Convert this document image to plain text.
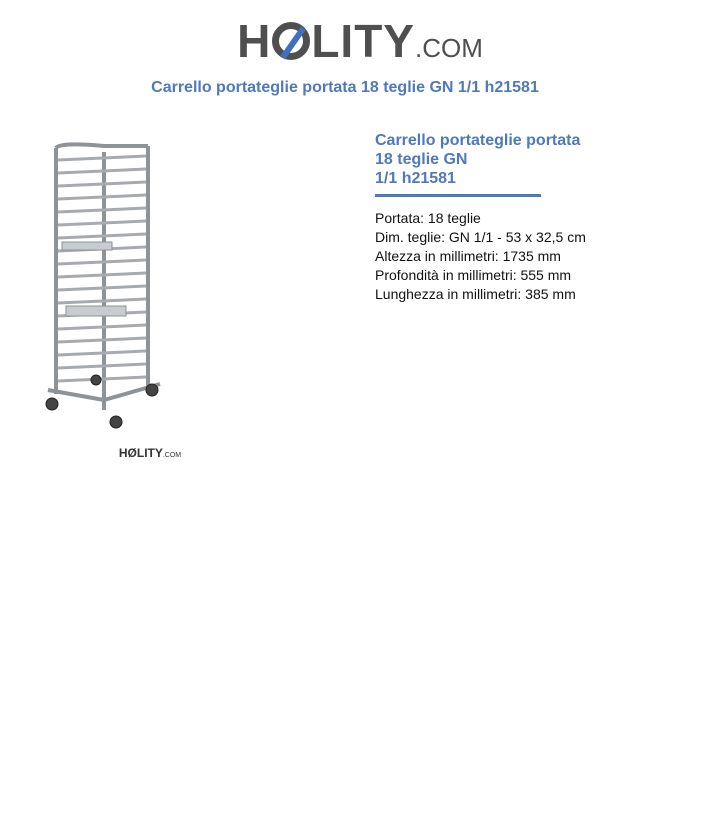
H LITY.COM
Carrello portateglie portata 18 teglie GN 1/1 h21581
HØLITY.COM
Carrello portateglie portata
18 teglie GN
1/1 h21581

Portata: 18 teglie

Dim. teglie: GN 1/1 - 53 x 32,5 cm

Altezza in millimetri: 1735 mm

Profondità in millimetri: 555 mm

Lunghezza in millimetri: 385 mm
